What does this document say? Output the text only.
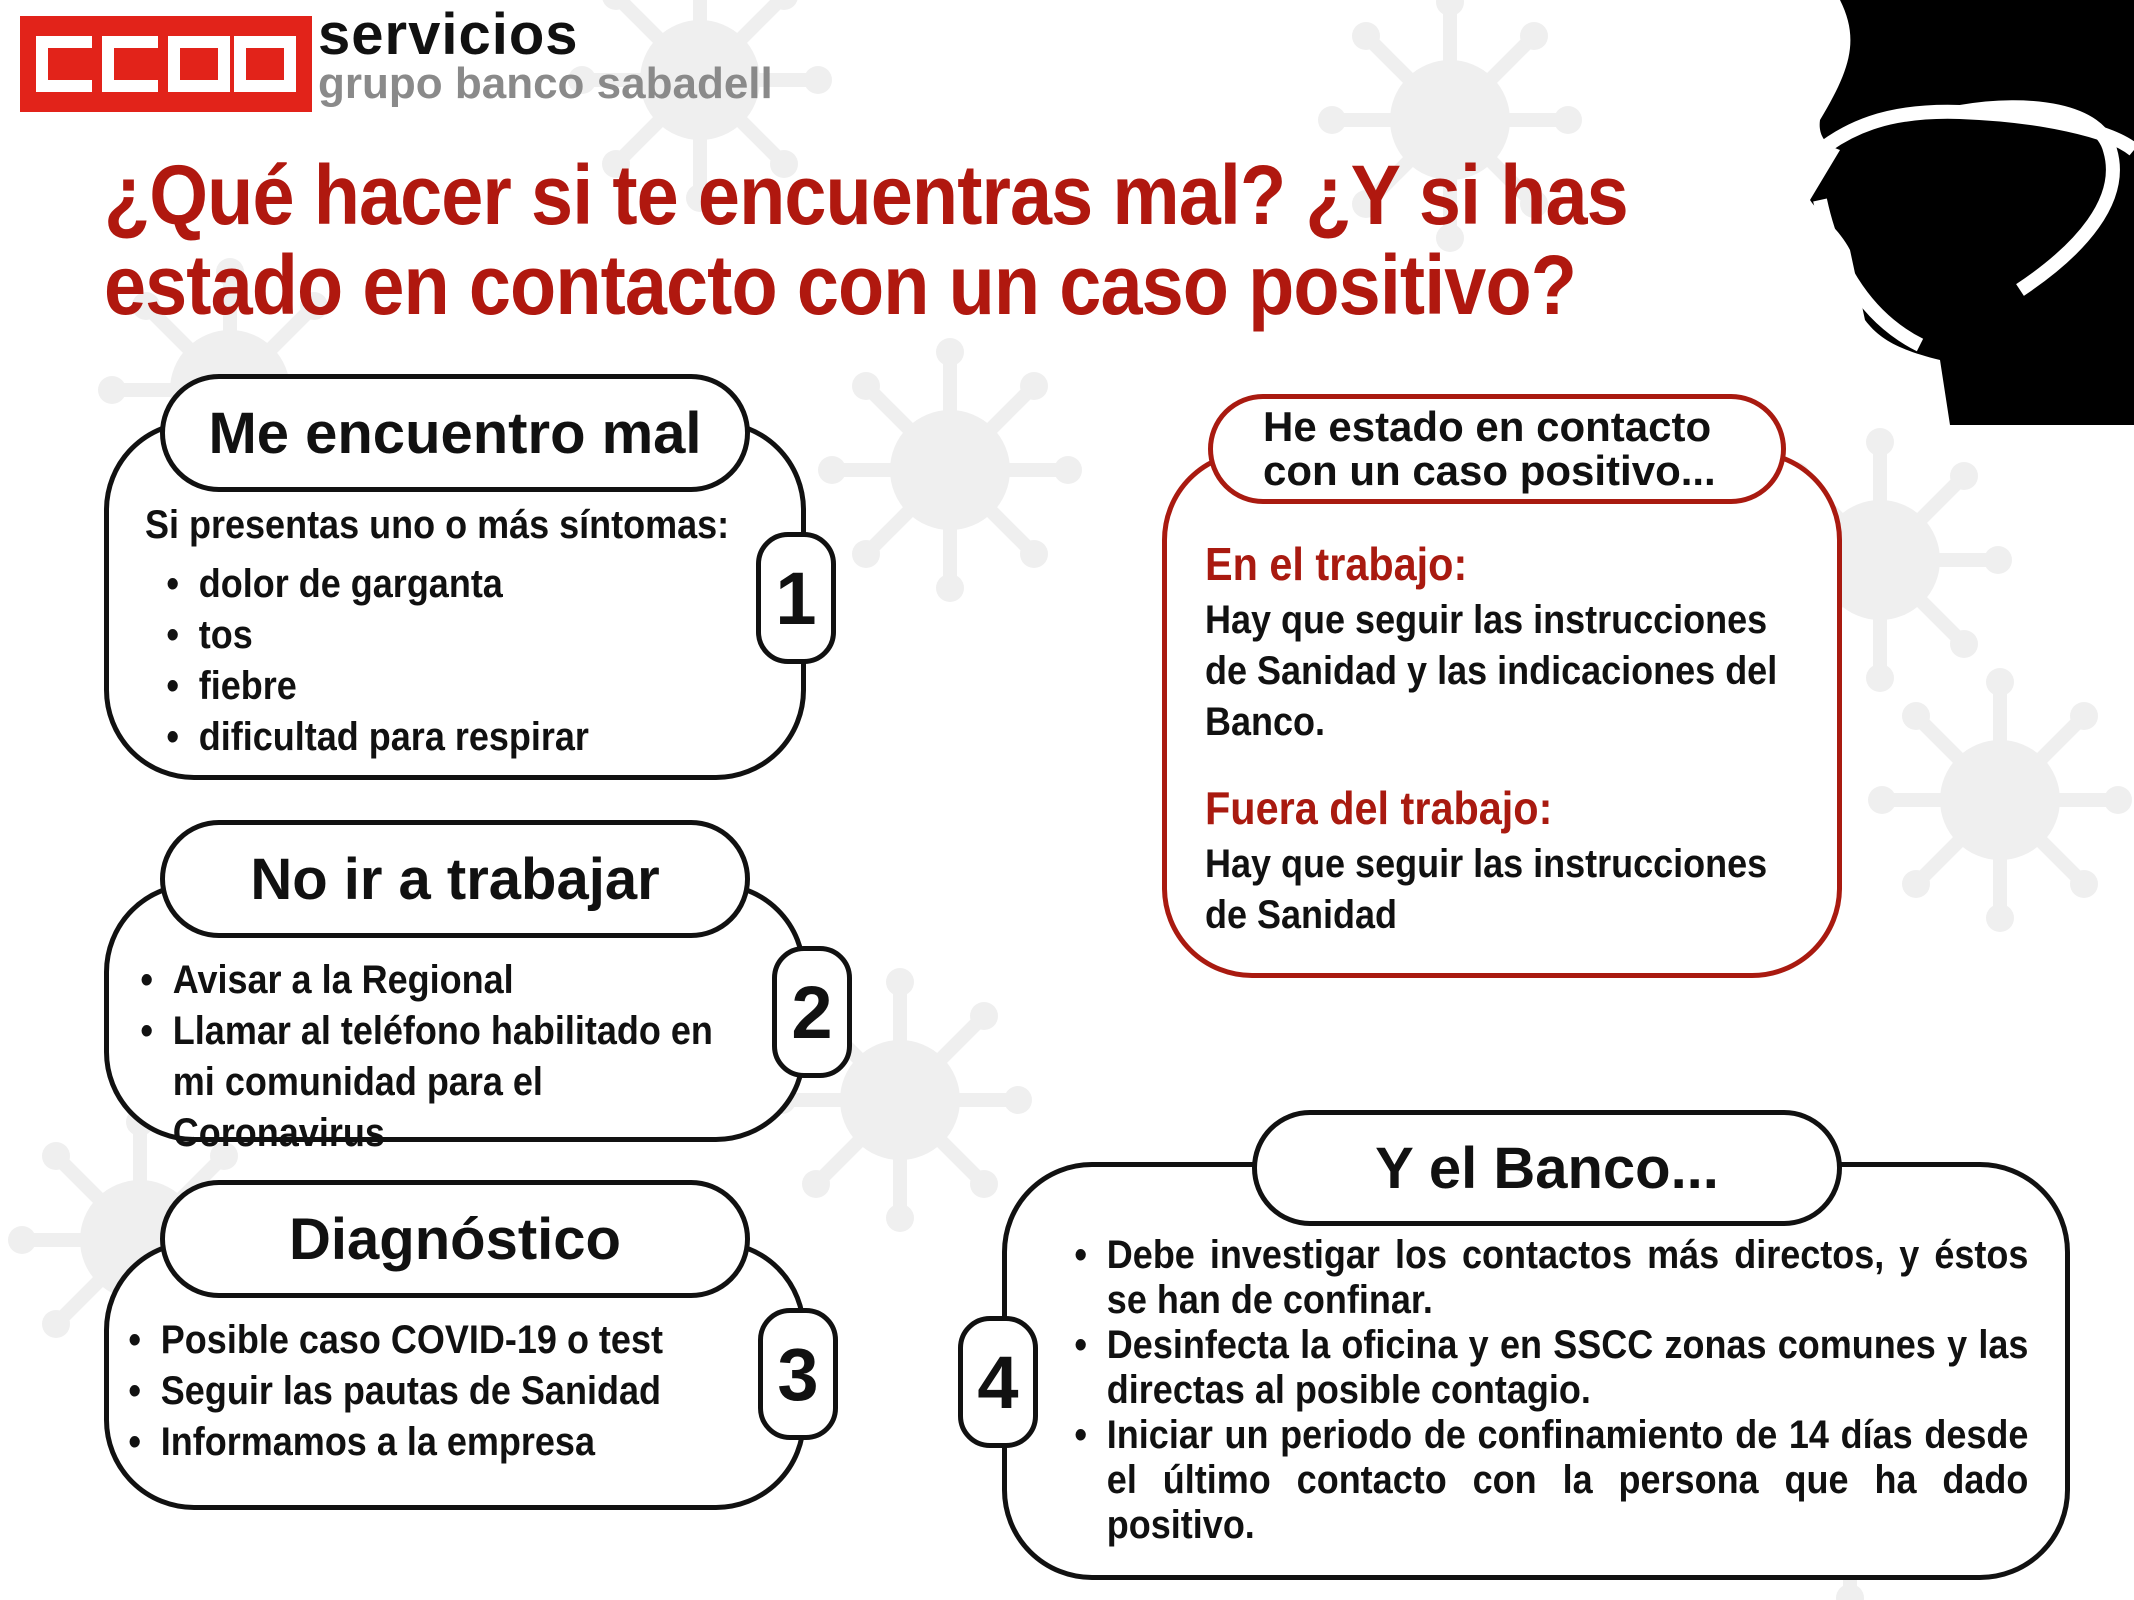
servicios
grupo banco sabadell
¿Qué hacer si te encuentras mal? ¿Y si has estado en contacto con un caso positivo?
Si presentas uno o más síntomas:
• dolor de garganta
• tos
• fiebre
• dificultad para respirar
Me encuentro mal
1
• Avisar a la Regional
• Llamar al teléfono habilitado en mi comunidad para el Coronavirus
No ir a trabajar
2
• Posible caso COVID-19 o test
• Seguir las pautas de Sanidad
• Informamos a la empresa
Diagnóstico
3
En el trabajo:
Hay que seguir las instrucciones de Sanidad y las indicaciones del Banco.
Fuera del trabajo:
Hay que seguir las instrucciones de Sanidad
He estado en contacto
con un caso positivo...
• Debe investigar los contactos más directos, y éstos se han de confinar.
• Desinfecta la oficina y en SSCC zonas comunes y las directas al posible contagio.
• Iniciar un periodo de confinamiento de 14 días desde el último contacto con la persona que ha dado positivo.
Y el Banco...
4
